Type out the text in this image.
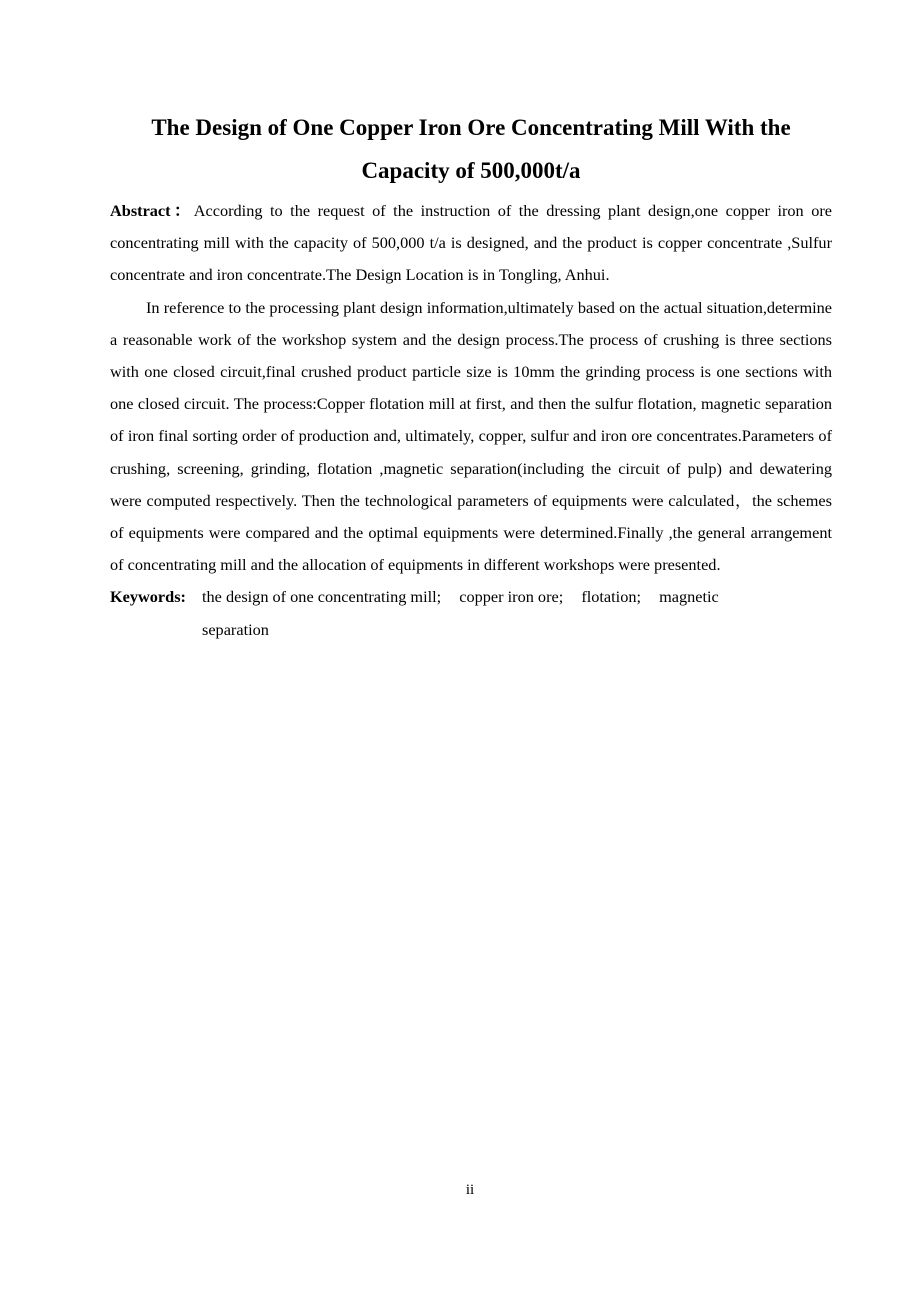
The Design of One Copper Iron Ore Concentrating Mill With the Capacity of 500,000t/a

Abstract：According to the request of the instruction of the dressing plant design,one copper iron ore concentrating mill with the capacity of 500,000 t/a is designed, and the product is copper concentrate ,Sulfur concentrate and iron concentrate.The Design Location is in Tongling, Anhui.

In reference to the processing plant design information,ultimately based on the actual situation,determine a reasonable work of the workshop system and the design process.The process of crushing is three sections with one closed circuit,final crushed product particle size is 10mm the grinding process is one sections with one closed circuit. The process:Copper flotation mill at first, and then the sulfur flotation, magnetic separation of iron final sorting order of production and, ultimately, copper, sulfur and iron ore concentrates.Parameters of crushing, screening, grinding, flotation ,magnetic separation(including the circuit of pulp) and dewatering were computed respectively. Then the technological parameters of equipments were calculated，the schemes of equipments were compared and the optimal equipments were determined.Finally ,the general arrangement of concentrating mill and the allocation of equipments in different workshops were presented.

Keywords: the design of one concentrating mill; copper iron ore; flotation; magnetic separation
ii
